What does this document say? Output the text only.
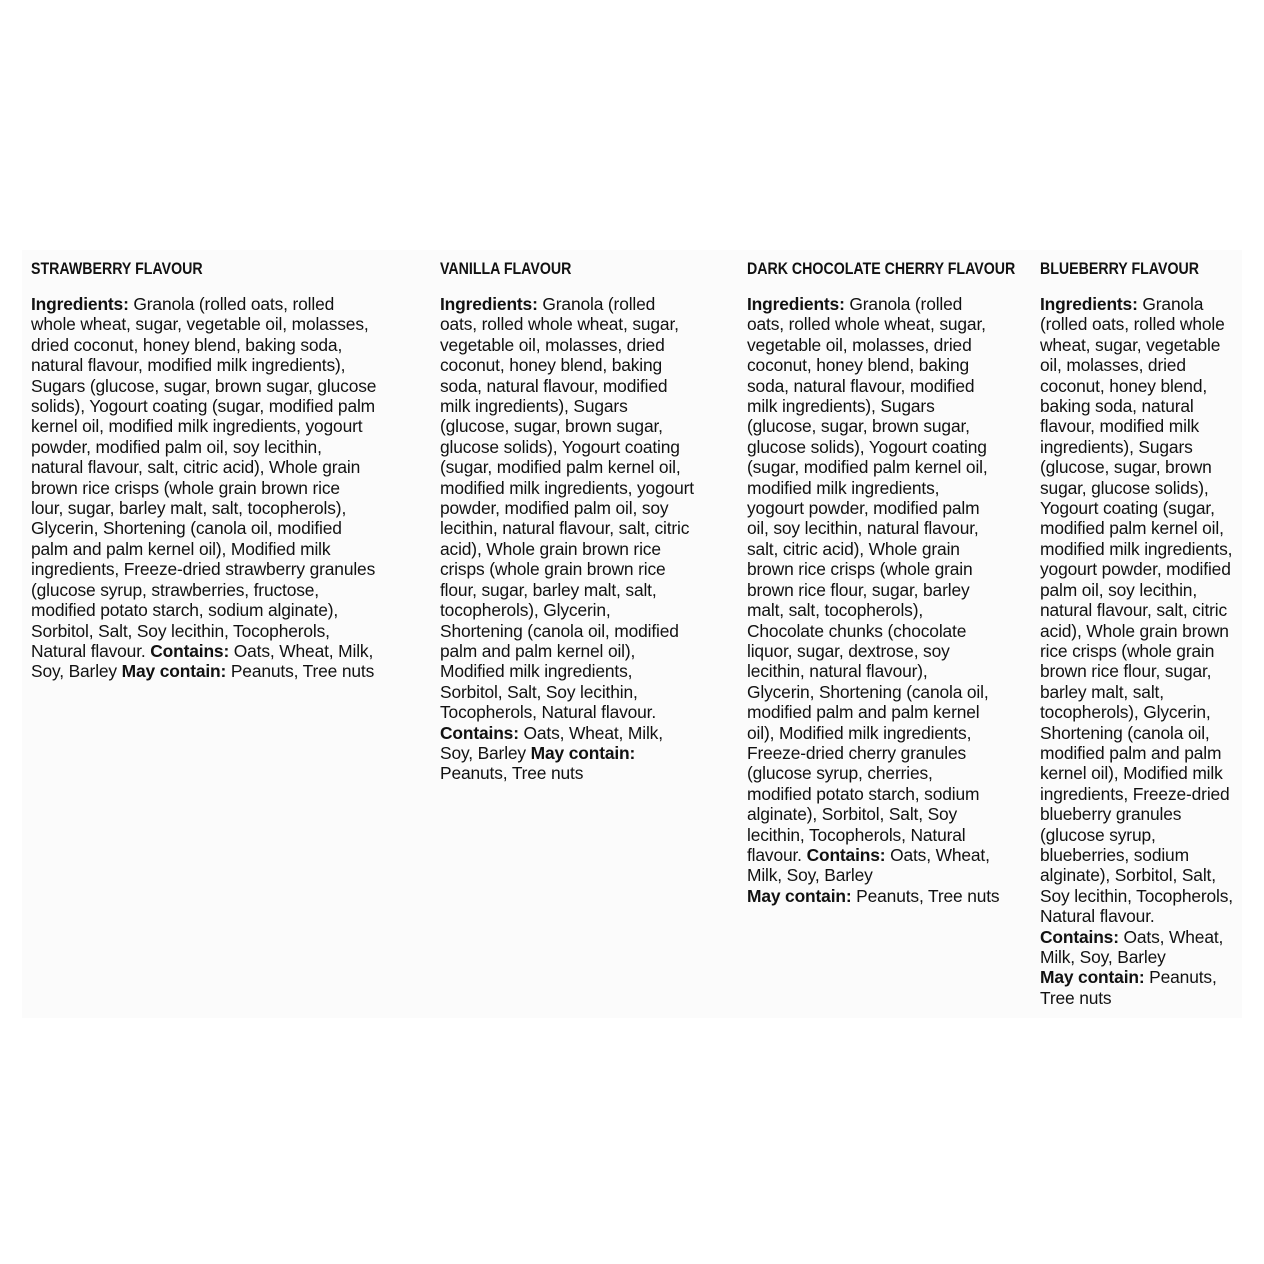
STRAWBERRY FLAVOUR

Ingredients: Granola (rolled oats, rolled
whole wheat, sugar, vegetable oil, molasses,
dried coconut, honey blend, baking soda,
natural flavour, modified milk ingredients),
Sugars (glucose, sugar, brown sugar, glucose
solids), Yogourt coating (sugar, modified palm
kernel oil, modified milk ingredients, yogourt
powder, modified palm oil, soy lecithin,
natural flavour, salt, citric acid), Whole grain
brown rice crisps (whole grain brown rice
lour, sugar, barley malt, salt, tocopherols),
Glycerin, Shortening (canola oil, modified
palm and palm kernel oil), Modified milk
ingredients, Freeze-dried strawberry granules
(glucose syrup, strawberries, fructose,
modified potato starch, sodium alginate),
Sorbitol, Salt, Soy lecithin, Tocopherols,
Natural flavour. Contains: Oats, Wheat, Milk,
Soy, Barley May contain: Peanuts, Tree nuts

VANILLA FLAVOUR

Ingredients: Granola (rolled
oats, rolled whole wheat, sugar,
vegetable oil, molasses, dried
coconut, honey blend, baking
soda, natural flavour, modified
milk ingredients), Sugars
(glucose, sugar, brown sugar,
glucose solids), Yogourt coating
(sugar, modified palm kernel oil,
modified milk ingredients, yogourt
powder, modified palm oil, soy
lecithin, natural flavour, salt, citric
acid), Whole grain brown rice
crisps (whole grain brown rice
flour, sugar, barley malt, salt,
tocopherols), Glycerin,
Shortening (canola oil, modified
palm and palm kernel oil),
Modified milk ingredients,
Sorbitol, Salt, Soy lecithin,
Tocopherols, Natural flavour.
Contains: Oats, Wheat, Milk,
Soy, Barley May contain:
Peanuts, Tree nuts

DARK CHOCOLATE CHERRY FLAVOUR

Ingredients: Granola (rolled
oats, rolled whole wheat, sugar,
vegetable oil, molasses, dried
coconut, honey blend, baking
soda, natural flavour, modified
milk ingredients), Sugars
(glucose, sugar, brown sugar,
glucose solids), Yogourt coating
(sugar, modified palm kernel oil,
modified milk ingredients,
yogourt powder, modified palm
oil, soy lecithin, natural flavour,
salt, citric acid), Whole grain
brown rice crisps (whole grain
brown rice flour, sugar, barley
malt, salt, tocopherols),
Chocolate chunks (chocolate
liquor, sugar, dextrose, soy
lecithin, natural flavour),
Glycerin, Shortening (canola oil,
modified palm and palm kernel
oil), Modified milk ingredients,
Freeze-dried cherry granules
(glucose syrup, cherries,
modified potato starch, sodium
alginate), Sorbitol, Salt, Soy
lecithin, Tocopherols, Natural
flavour. Contains: Oats, Wheat,
Milk, Soy, Barley
May contain: Peanuts, Tree nuts

BLUEBERRY FLAVOUR

Ingredients: Granola
(rolled oats, rolled whole
wheat, sugar, vegetable
oil, molasses, dried
coconut, honey blend,
baking soda, natural
flavour, modified milk
ingredients), Sugars
(glucose, sugar, brown
sugar, glucose solids),
Yogourt coating (sugar,
modified palm kernel oil,
modified milk ingredients,
yogourt powder, modified
palm oil, soy lecithin,
natural flavour, salt, citric
acid), Whole grain brown
rice crisps (whole grain
brown rice flour, sugar,
barley malt, salt,
tocopherols), Glycerin,
Shortening (canola oil,
modified palm and palm
kernel oil), Modified milk
ingredients, Freeze-dried
blueberry granules
(glucose syrup,
blueberries, sodium
alginate), Sorbitol, Salt,
Soy lecithin, Tocopherols,
Natural flavour.
Contains: Oats, Wheat,
Milk, Soy, Barley
May contain: Peanuts,
Tree nuts
